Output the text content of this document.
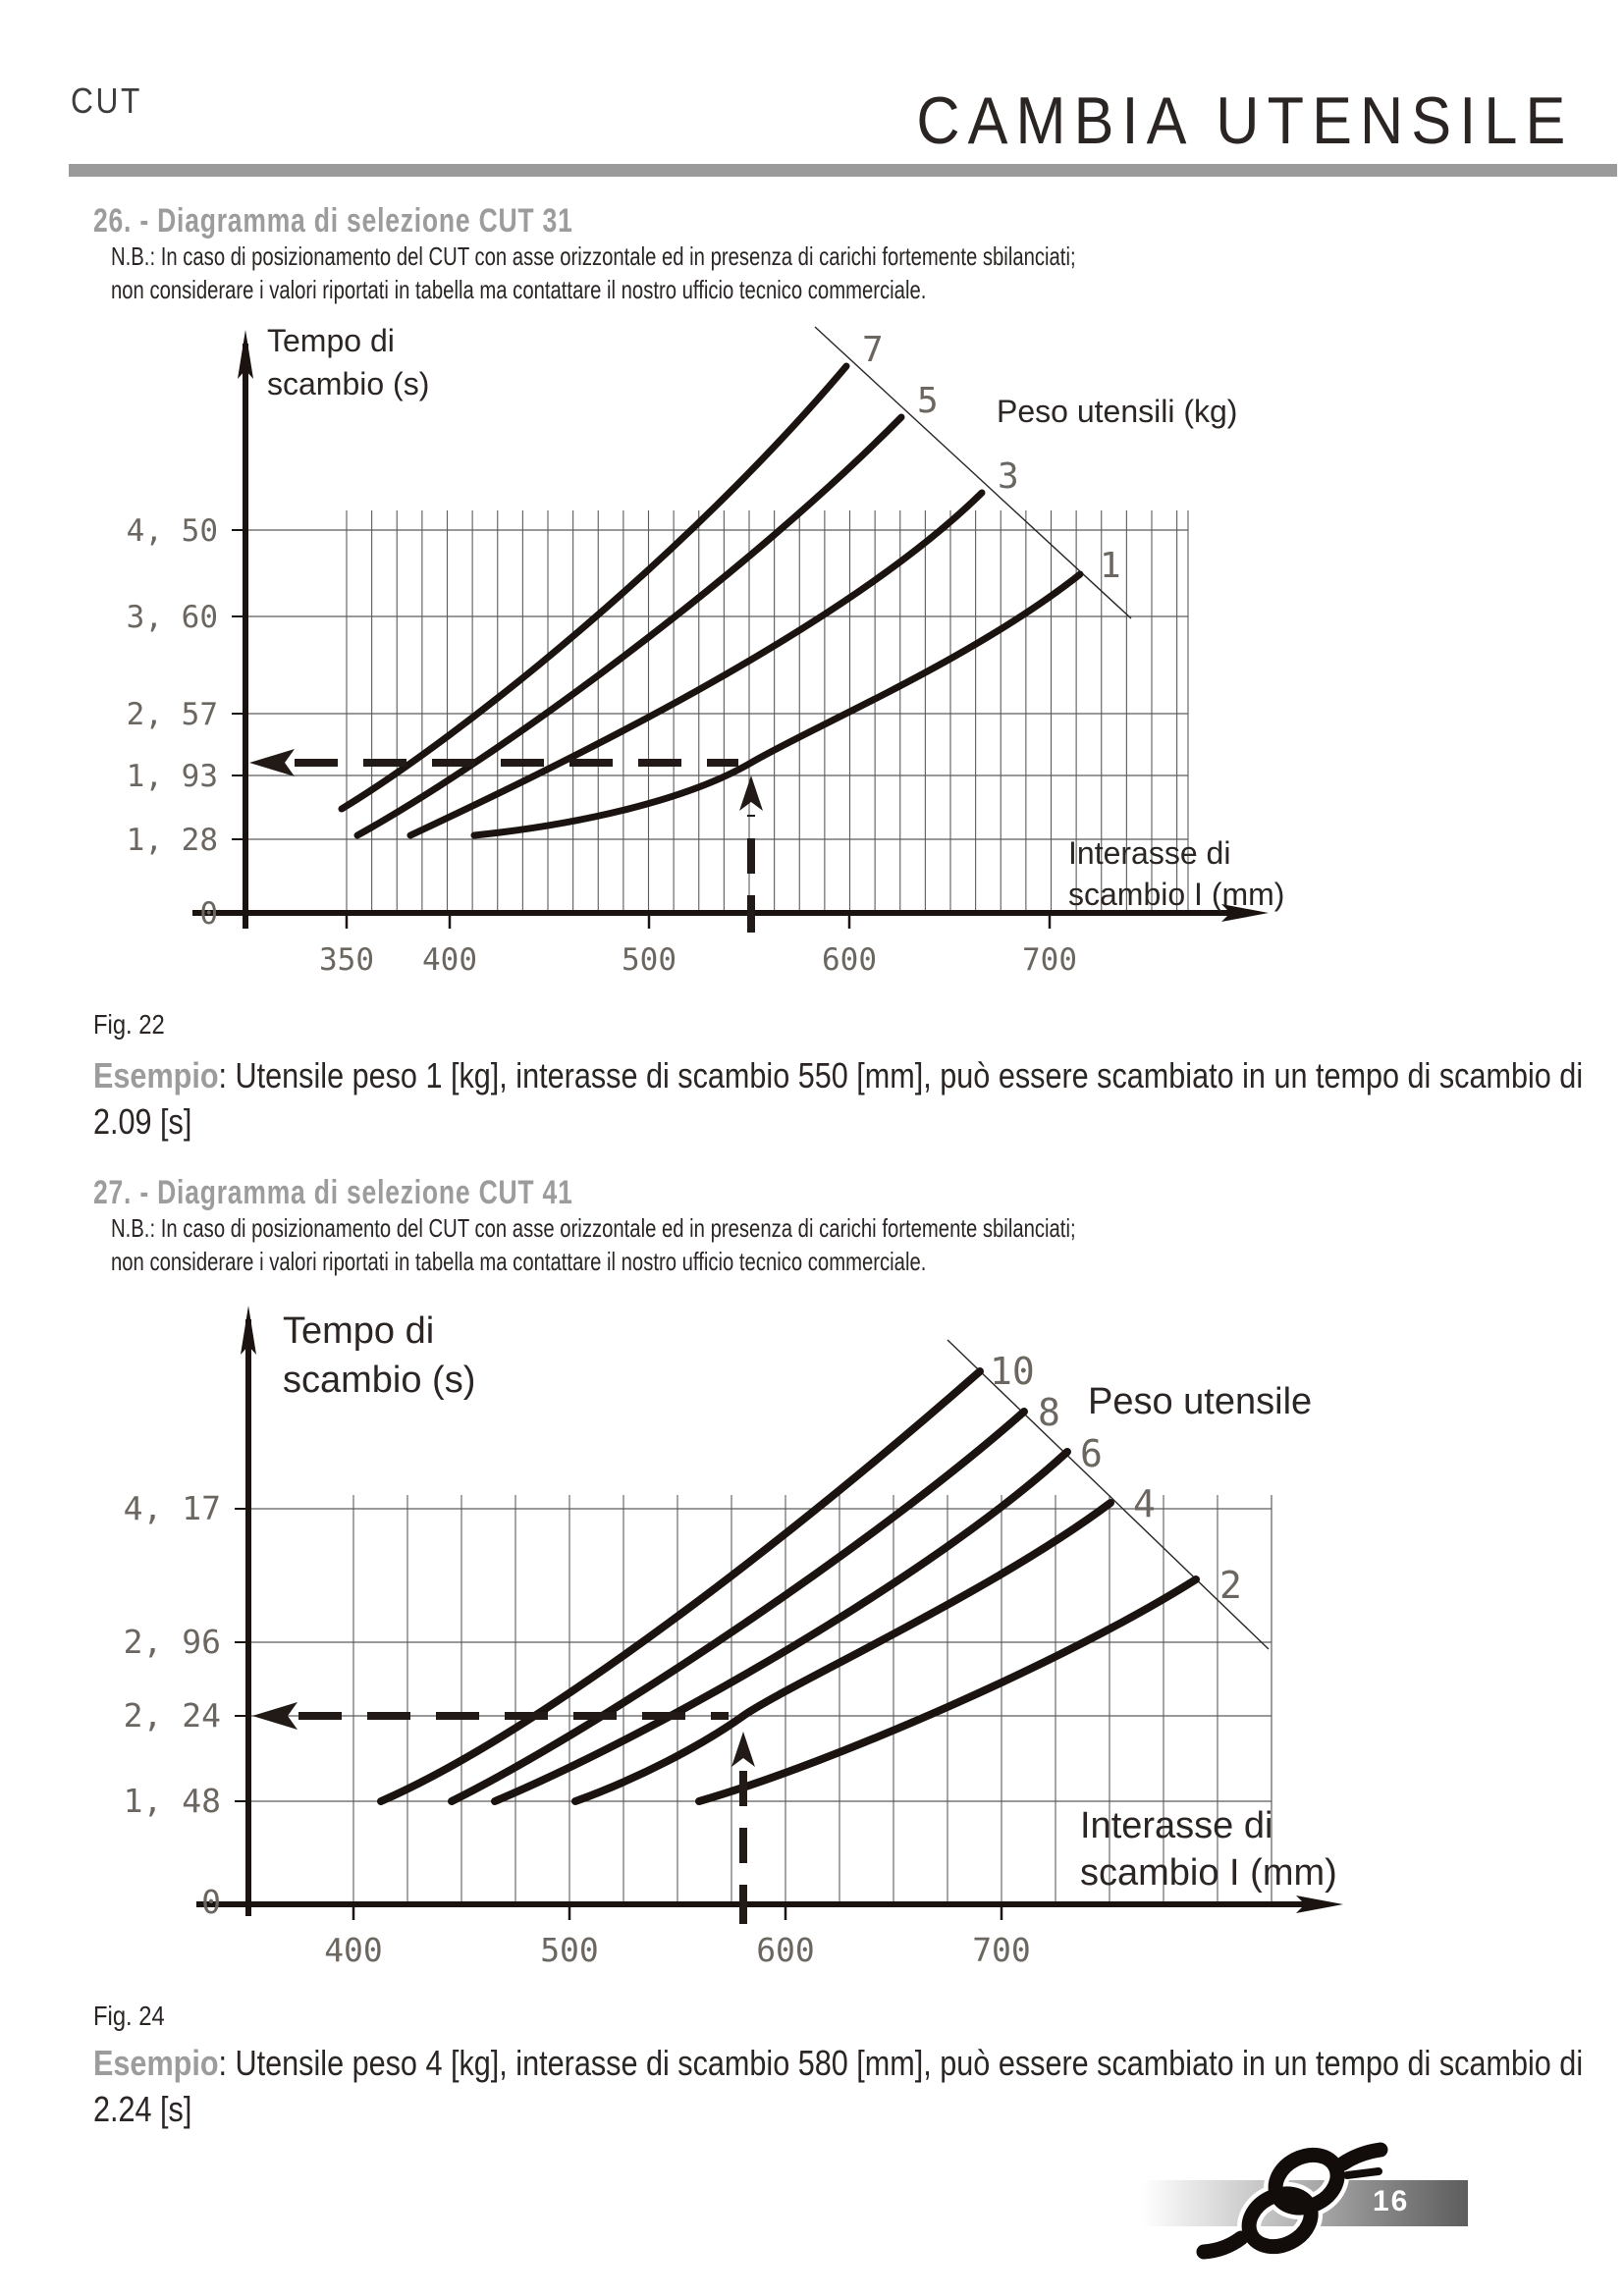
CUT	CAMBIA UTENSILE
26. - Diagramma di selezione CUT 31
N.B.: In caso di posizionamento del CUT con asse orizzontale ed in presenza di carichi fortemente sbilanciati;
non considerare i valori riportati in tabella ma contattare il nostro ufficio tecnico commerciale.
Fig. 22
Esempio: Utensile peso 1 [kg], interasse di scambio 550 [mm], può essere scambiato in un tempo di scambio di
2.09 [s]
27. - Diagramma di selezione CUT 41
N.B.: In caso di posizionamento del CUT con asse orizzontale ed in presenza di carichi fortemente sbilanciati;
non considerare i valori riportati in tabella ma contattare il nostro ufficio tecnico commerciale.
Fig. 24
Esempio: Utensile peso 4 [kg], interasse di scambio 580 [mm], può essere scambiato in un tempo di scambio di
2.24 [s]
16
350 400	500	600	700
4, 50
3, 60
2, 57
1, 93
1, 28
0
7
5
3
1
Tempo di
scambio (s)
Peso utensili (kg)
Interasse di
scambio I (mm)
400	500	600	700
4, 17
2, 96
2, 24
1, 48
0
10
8
6
4
2
Tempo di
scambio (s)
Peso utensile
Interasse di
scambio I (mm)
